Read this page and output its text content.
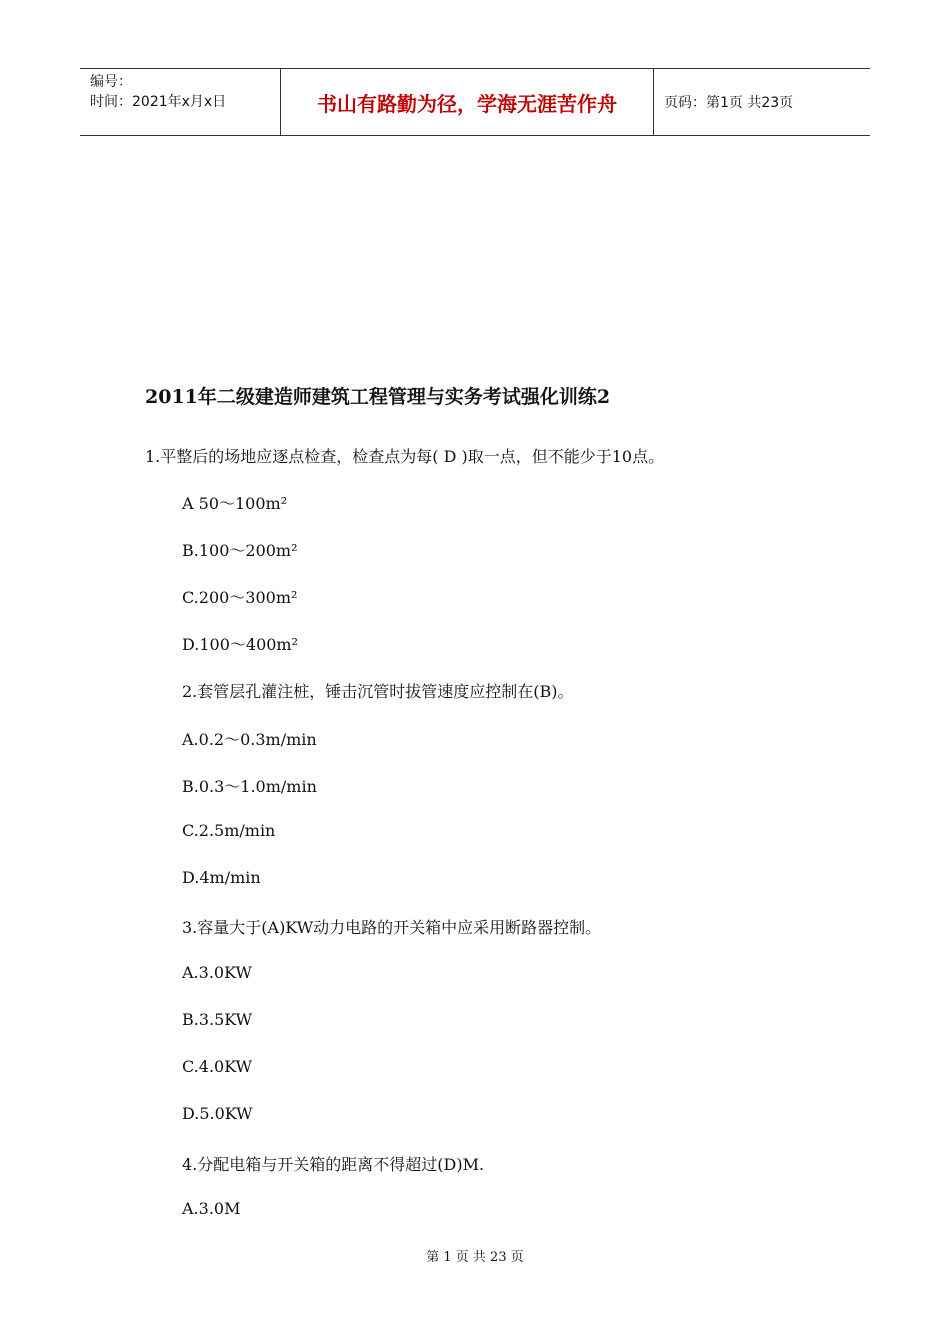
编号：
时间：2021年x月x日	书山有路勤为径，学海无涯苦作舟	页码：第1页 共23页
2011年二级建造师建筑工程管理与实务考试强化训练2
1.平整后的场地应逐点检查，检查点为每( D )取一点，但不能少于10点。
A 50～100m²
B.100～200m²
C.200～300m²
D.100～400m²
2.套管层孔灌注桩，锤击沉管时拔管速度应控制在(B)。
A.0.2～0.3m/min
B.0.3～1.0m/min
C.2.5m/min
D.4m/min
3.容量大于(A)KW动力电路的开关箱中应采用断路器控制。
A.3.0KW
B.3.5KW
C.4.0KW
D.5.0KW
4.分配电箱与开关箱的距离不得超过(D)M.
A.3.0M
第 1 页 共 23 页
